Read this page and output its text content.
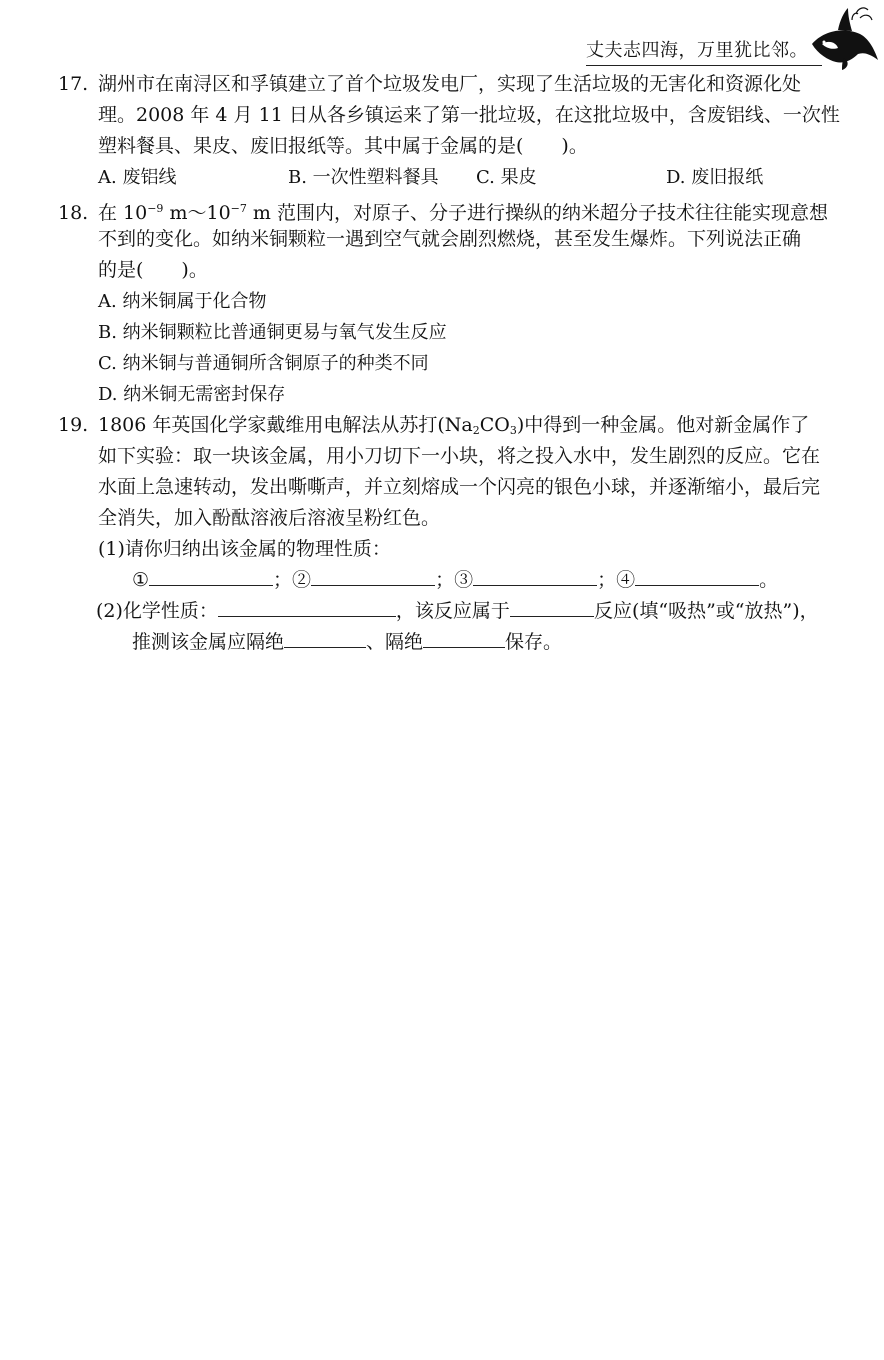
丈夫志四海，万里犹比邻。
17. 湖州市在南浔区和孚镇建立了首个垃圾发电厂，实现了生活垃圾的无害化和资源化处
理。2008 年 4 月 11 日从各乡镇运来了第一批垃圾，在这批垃圾中，含废铝线、一次性
塑料餐具、果皮、废旧报纸等。其中属于金属的是(　　)。
A. 废铝线	B. 一次性塑料餐具 C. 果皮	D. 废旧报纸
18. 在 $10^{-9}$ $m\sim 10^{-7}$ m 范围内，对原子、分子进行操纵的纳米超分子技术往往能实现意想
不到的变化。如纳米铜颗粒一遇到空气就会剧烈燃烧，甚至发生爆炸。下列说法正确
的是(　　)。
A. 纳米铜属于化合物
B. 纳米铜颗粒比普通铜更易与氧气发生反应
C. 纳米铜与普通铜所含铜原子的种类不同
D. 纳米铜无需密封保存
19. 1806 年英国化学家戴维用电解法从苏打$(Na_2CO_3)$中得到一种金属。他对新金属作了
如下实验：取一块该金属，用小刀切下一小块，将之投入水中，发生剧烈的反应。它在
水面上急速转动，发出嘶嘶声，并立刻熔成一个闪亮的银色小球，并逐渐缩小，最后完
全消失，加入酚酞溶液后溶液呈粉红色。
(1)请你归纳出该金属的物理性质：
①	；②	；③	；④	。
(2)化学性质：	，该反应属于	反应(填“吸热”或“放热”)，
推测该金属应隔绝	、隔绝	保存。
